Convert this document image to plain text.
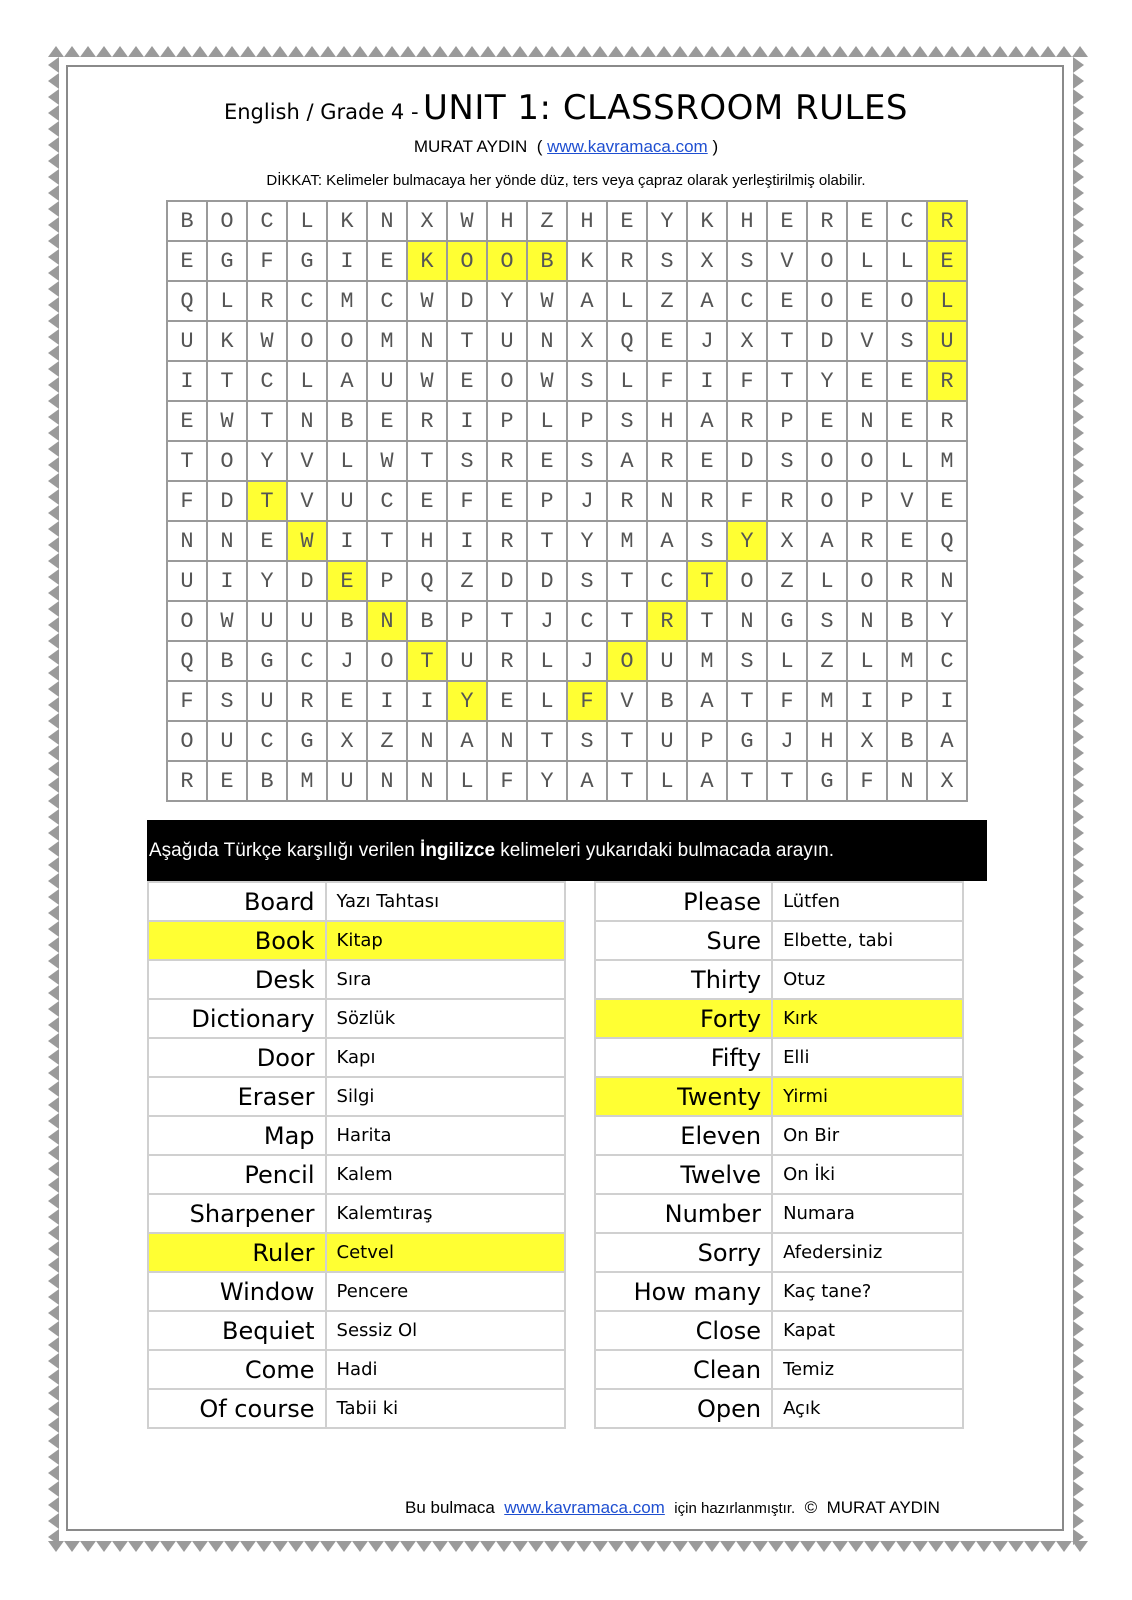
English / Grade 4 - UNIT 1: CLASSROOM RULES
MURAT AYDIN ( www.kavramaca.com )
DİKKAT: Kelimeler bulmacaya her yönde düz, ters veya çapraz olarak yerleştirilmiş olabilir.
B	O	C	L	K	N	X	W	H	Z	H	E	Y	K	H	E	R	E	C	R
E	G	F	G	I	E	K	O	O	B	K	R	S	X	S	V	O	L	L	E
Q	L	R	C	M	C	W	D	Y	W	A	L	Z	A	C	E	O	E	O	L
U	K	W	O	O	M	N	T	U	N	X	Q	E	J	X	T	D	V	S	U
I	T	C	L	A	U	W	E	O	W	S	L	F	I	F	T	Y	E	E	R
E	W	T	N	B	E	R	I	P	L	P	S	H	A	R	P	E	N	E	R
T	O	Y	V	L	W	T	S	R	E	S	A	R	E	D	S	O	O	L	M
F	D	T	V	U	C	E	F	E	P	J	R	N	R	F	R	O	P	V	E
N	N	E	W	I	T	H	I	R	T	Y	M	A	S	Y	X	A	R	E	Q
U	I	Y	D	E	P	Q	Z	D	D	S	T	C	T	O	Z	L	O	R	N
O	W	U	U	B	N	B	P	T	J	C	T	R	T	N	G	S	N	B	Y
Q	B	G	C	J	O	T	U	R	L	J	O	U	M	S	L	Z	L	M	C
F	S	U	R	E	I	I	Y	E	L	F	V	B	A	T	F	M	I	P	I
O	U	C	G	X	Z	N	A	N	T	S	T	U	P	G	J	H	X	B	A
R	E	B	M	U	N	N	L	F	Y	A	T	L	A	T	T	G	F	N	X
Aşağıda Türkçe karşılığı verilen İngilizce kelimeleri yukarıdaki bulmacada arayın.
Board	Yazı Tahtası
Book	Kitap
Desk	Sıra
Dictionary	Sözlük
Door	Kapı
Eraser	Silgi
Map	Harita
Pencil	Kalem
Sharpener	Kalemtıraş
Ruler	Cetvel
Window	Pencere
Bequiet	Sessiz Ol
Come	Hadi
Of course	Tabii ki
Please	Lütfen
Sure	Elbette, tabi
Thirty	Otuz
Forty	Kırk
Fifty	Elli
Twenty	Yirmi
Eleven	On Bir
Twelve	On İki
Number	Numara
Sorry	Afedersiniz
How many	Kaç tane?
Close	Kapat
Clean	Temiz
Open	Açık
Bu bulmaca www.kavramaca.com için hazırlanmıştır. © MURAT AYDIN
